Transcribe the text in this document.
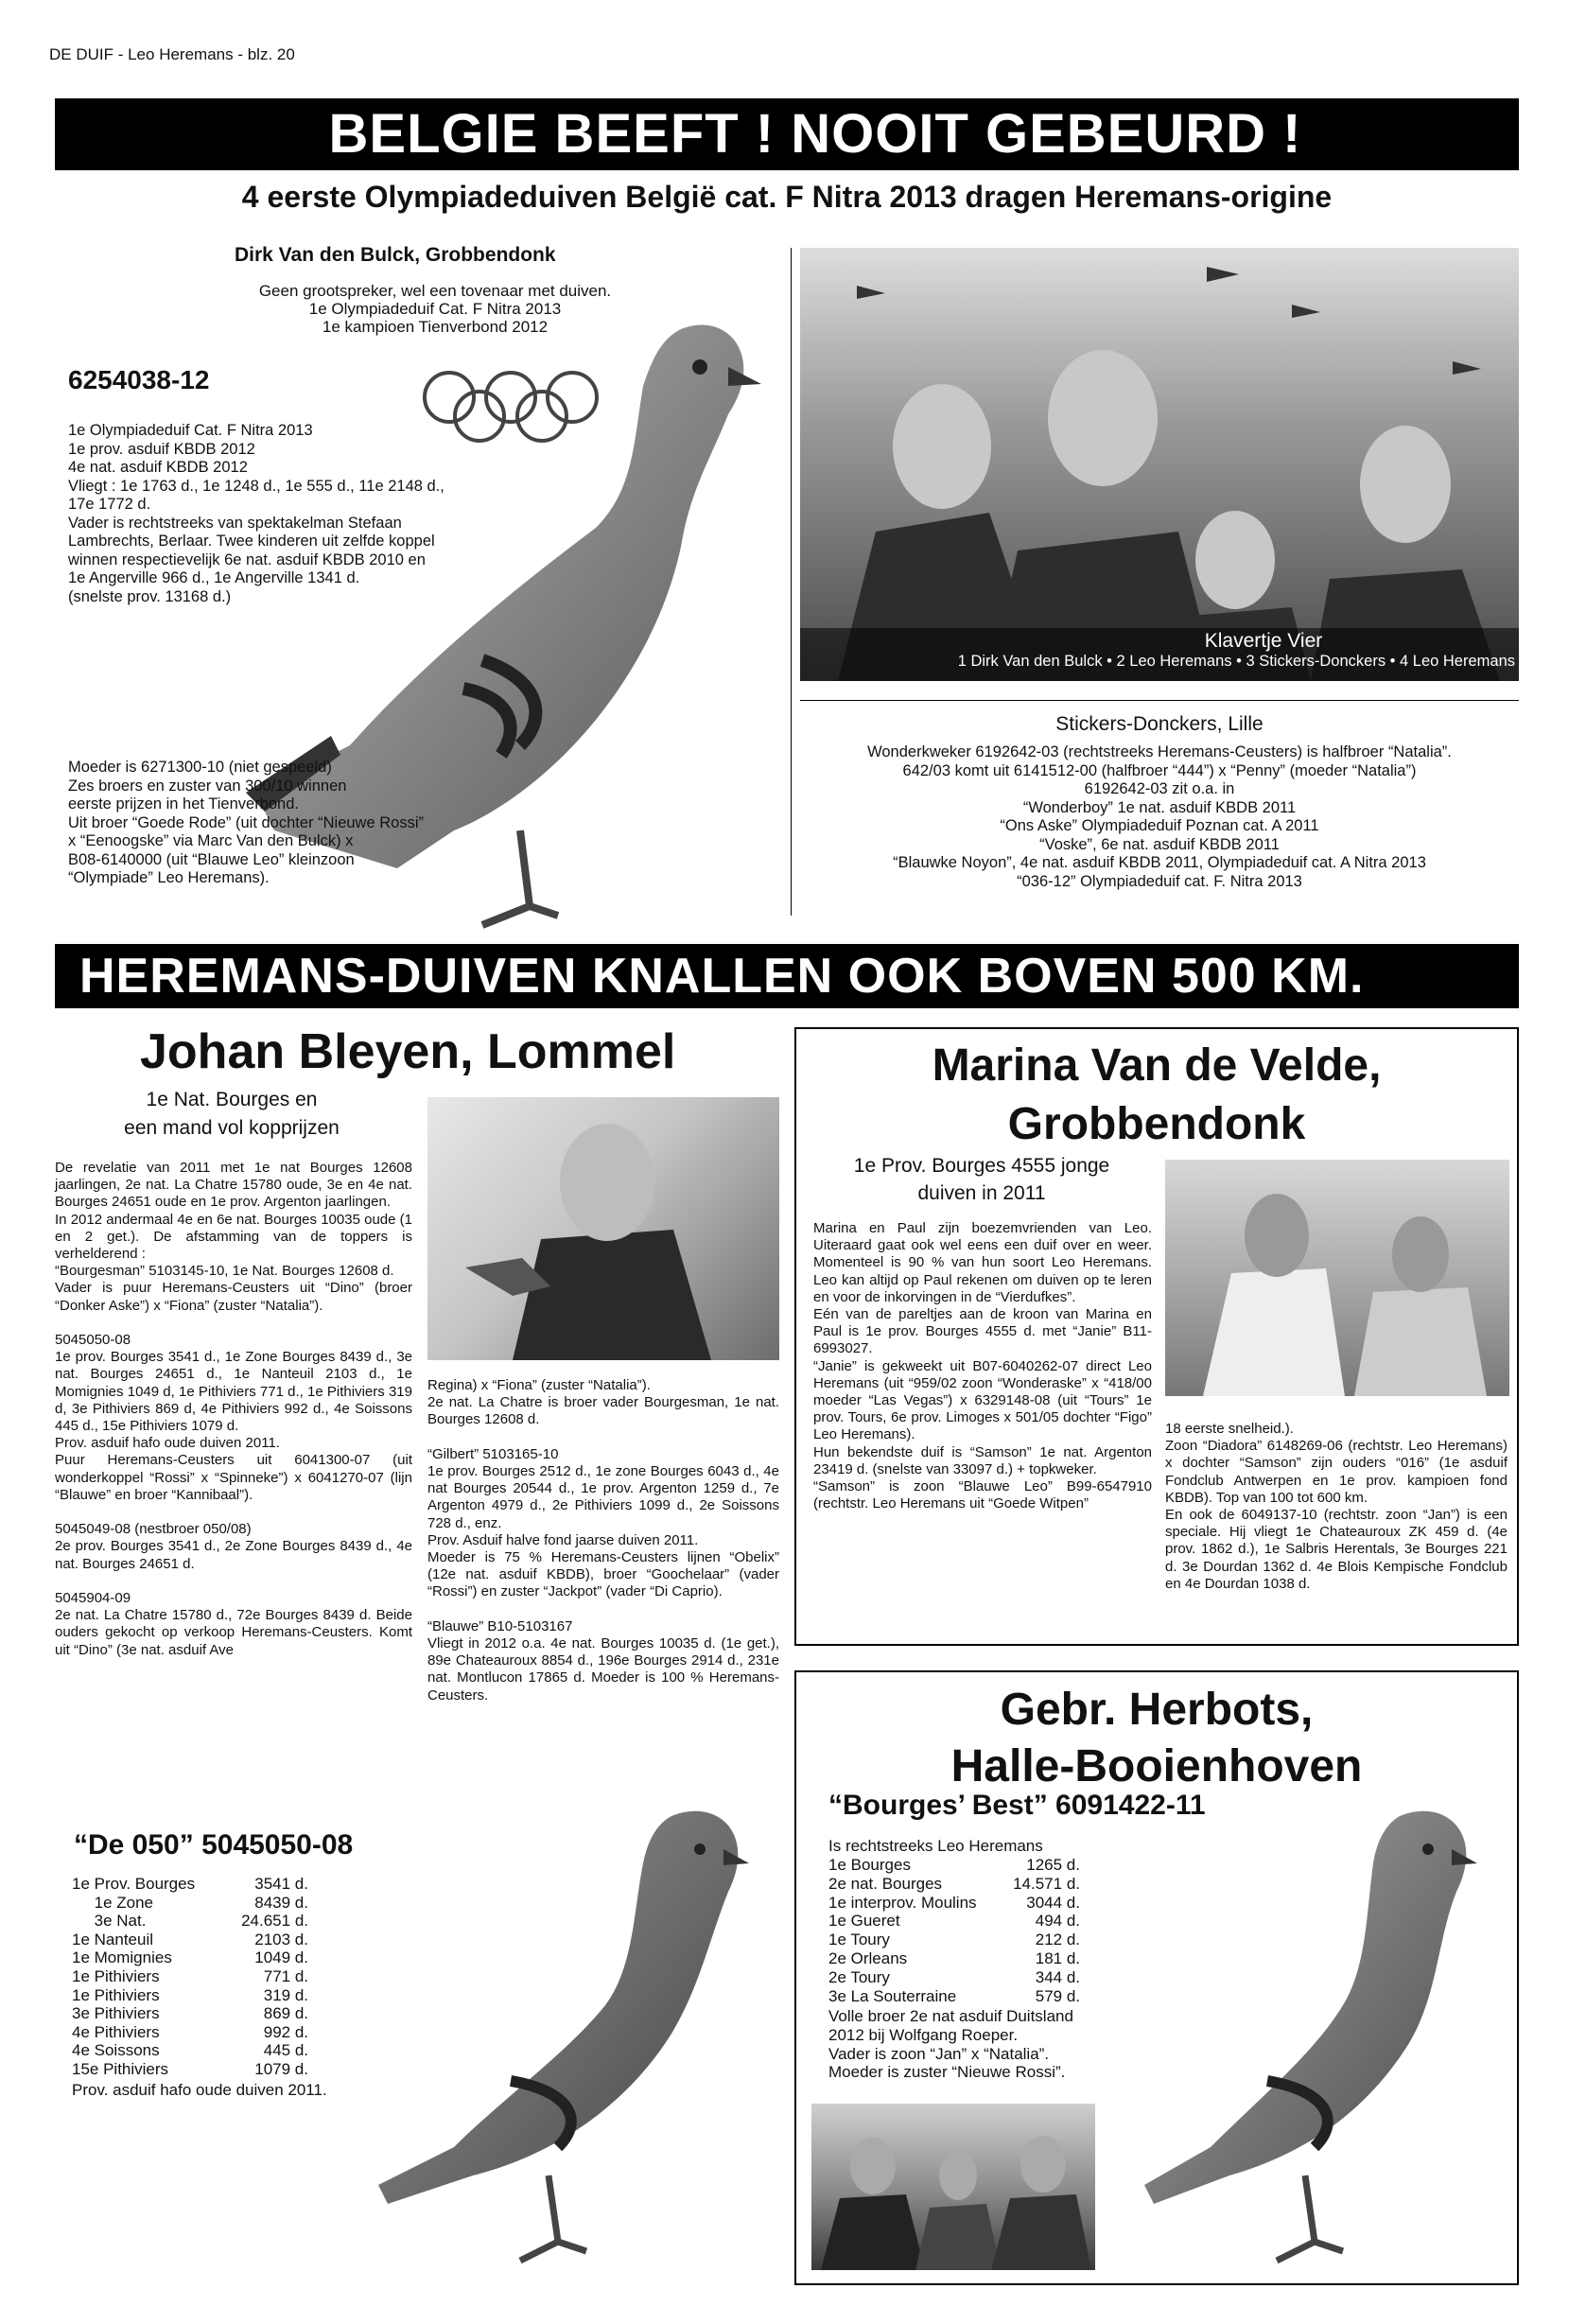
DE DUIF - Leo Heremans - blz. 20
BELGIE BEEFT ! NOOIT GEBEURD !
4 eerste Olympiadeduiven België cat. F Nitra 2013 dragen Heremans-origine
Dirk Van den Bulck, Grobbendonk
Geen grootspreker, wel een tovenaar met duiven.
1e Olympiadeduif Cat. F Nitra 2013
1e kampioen Tienverbond 2012
6254038-12
1e Olympiadeduif Cat. F Nitra 2013
1e prov. asduif KBDB 2012
4e nat. asduif KBDB 2012
Vliegt : 1e 1763 d., 1e 1248 d., 1e 555 d., 11e 2148 d.,
17e 1772 d.
Vader is rechtstreeks van spektakelman Stefaan
Lambrechts, Berlaar. Twee kinderen uit zelfde koppel
winnen respectievelijk 6e nat. asduif KBDB 2010 en
1e Angerville 966 d., 1e Angerville 1341 d.
(snelste prov. 13168 d.)
Moeder is 6271300-10 (niet gespeeld)
Zes broers en zuster van 300/10 winnen
eerste prijzen in het Tienverbond.
Uit broer “Goede Rode” (uit dochter “Nieuwe Rossi”
x “Eenoogske” via Marc Van den Bulck) x
B08-6140000 (uit “Blauwe Leo” kleinzoon
“Olympiade” Leo Heremans).
Klavertje Vier
1 Dirk Van den Bulck • 2 Leo Heremans • 3 Stickers-Donckers • 4 Leo Heremans
Stickers-Donckers, Lille
Wonderkweker 6192642-03 (rechtstreeks Heremans-Ceusters) is halfbroer “Natalia”.
642/03 komt uit 6141512-00 (halfbroer “444”) x “Penny” (moeder “Natalia”)
6192642-03 zit o.a. in
“Wonderboy” 1e nat. asduif KBDB 2011
“Ons Aske” Olympiadeduif Poznan cat. A 2011
“Voske”, 6e nat. asduif KBDB 2011
“Blauwke Noyon”, 4e nat. asduif KBDB 2011, Olympiadeduif cat. A Nitra 2013
“036-12” Olympiadeduif cat. F. Nitra 2013
HEREMANS-DUIVEN KNALLEN OOK BOVEN 500 KM.
Johan Bleyen, Lommel
1e Nat. Bourges en
een mand vol kopprijzen
De revelatie van 2011 met 1e nat Bourges 12608 jaarlingen, 2e nat. La Chatre 15780 oude, 3e en 4e nat. Bourges 24651 oude en 1e prov. Argenton jaarlingen.
In 2012 andermaal 4e en 6e nat. Bourges 10035 oude (1 en 2 get.). De afstamming van de toppers is verhelderend :
“Bourgesman” 5103145-10, 1e Nat. Bourges 12608 d.
Vader is puur Heremans-Ceusters uit “Dino” (broer “Donker Aske”) x “Fiona” (zuster “Natalia”).

5045050-08
1e prov. Bourges 3541 d., 1e Zone Bourges 8439 d., 3e nat. Bourges 24651 d., 1e Nanteuil 2103 d., 1e Momignies 1049 d, 1e Pithiviers 771 d., 1e Pithiviers 319 d, 3e Pithiviers 869 d, 4e Pithiviers 992 d., 4e Soissons 445 d., 15e Pithiviers 1079 d.
Prov. asduif hafo oude duiven 2011.
Puur Heremans-Ceusters uit 6041300-07 (uit wonderkoppel “Rossi” x “Spinneke”) x 6041270-07 (lijn “Blauwe” en broer “Kannibaal”).

5045049-08 (nestbroer 050/08)
2e prov. Bourges 3541 d., 2e Zone Bourges 8439 d., 4e nat. Bourges 24651 d.

5045904-09
2e nat. La Chatre 15780 d., 72e Bourges 8439 d. Beide ouders gekocht op verkoop Heremans-Ceusters. Komt uit “Dino” (3e nat. asduif Ave
Regina) x “Fiona” (zuster “Natalia”).
2e nat. La Chatre is broer vader Bourgesman, 1e nat. Bourges 12608 d.

“Gilbert” 5103165-10
1e prov. Bourges 2512 d., 1e zone Bourges 6043 d., 4e nat Bourges 20544 d., 1e prov. Argenton 1259 d., 7e Argenton 4979 d., 2e Pithiviers 1099 d., 2e Soissons 728 d., enz.
Prov. Asduif halve fond jaarse duiven 2011.
Moeder is 75 % Heremans-Ceusters lijnen “Obelix” (12e nat. asduif KBDB), broer “Goochelaar” (vader “Rossi”) en zuster “Jackpot” (vader “Di Caprio).

“Blauwe” B10-5103167
Vliegt in 2012 o.a. 4e nat. Bourges 10035 d. (1e get.), 89e Chateauroux 8854 d., 196e Bourges 2914 d., 231e nat. Montlucon 17865 d. Moeder is 100 % Heremans-Ceusters.
“De 050” 5045050-08
1e Prov. Bourges	3541 d.
1e Zone	8439 d.
3e Nat.	24.651 d.
1e Nanteuil	2103 d.
1e Momignies	1049 d.
1e Pithiviers	771 d.
1e Pithiviers	319 d.
3e Pithiviers	869 d.
4e Pithiviers	992 d.
4e Soissons	445 d.
15e Pithiviers	1079 d.
Prov. asduif hafo oude duiven 2011.
Marina Van de Velde,
Grobbendonk
1e Prov. Bourges 4555 jonge
duiven in 2011
Marina en Paul zijn boezemvrienden van Leo. Uiteraard gaat ook wel eens een duif over en weer. Momenteel is 90 % van hun soort Leo Heremans. Leo kan altijd op Paul rekenen om duiven op te leren en voor de inkorvingen in de “Vierdufkes”.
Eén van de pareltjes aan de kroon van Marina en Paul is 1e prov. Bourges 4555 d. met “Janie” B11-6993027.
“Janie” is gekweekt uit B07-6040262-07 direct Leo Heremans (uit “959/02 zoon “Wonderaske” x “418/00 moeder “Las Vegas”) x 6329148-08 (uit “Tours” 1e prov. Tours, 6e prov. Limoges x 501/05 dochter “Figo” Leo Heremans).
Hun bekendste duif is “Samson” 1e nat. Argenton 23419 d. (snelste van 33097 d.) + topkweker.
“Samson” is zoon “Blauwe Leo” B99-6547910 (rechtstr. Leo Heremans uit “Goede Witpen”
18 eerste snelheid.).
Zoon “Diadora” 6148269-06 (rechtstr. Leo Heremans) x dochter “Samson” zijn ouders “016” (1e asduif Fondclub Antwerpen en 1e prov. kampioen fond KBDB). Top van 100 tot 600 km.
En ook de 6049137-10 (rechtstr. zoon “Jan”) is een speciale. Hij vliegt 1e Chateauroux ZK 459 d. (4e prov. 1862 d.), 1e Salbris Herentals, 3e Bourges 221 d. 3e Dourdan 1362 d. 4e Blois Kempische Fondclub en 4e Dourdan 1038 d.
Gebr. Herbots,
Halle-Booienhoven
“Bourges’ Best” 6091422-11
Is rechtstreeks Leo Heremans
1e Bourges	1265 d.
2e nat. Bourges	14.571 d.
1e interprov. Moulins	3044 d.
1e Gueret	494 d.
1e Toury	212 d.
2e Orleans	181 d.
2e Toury	344 d.
3e La Souterraine	579 d.
Volle broer 2e nat asduif Duitsland
2012 bij Wolfgang Roeper.
Vader is zoon “Jan” x “Natalia”.
Moeder is zuster “Nieuwe Rossi”.
